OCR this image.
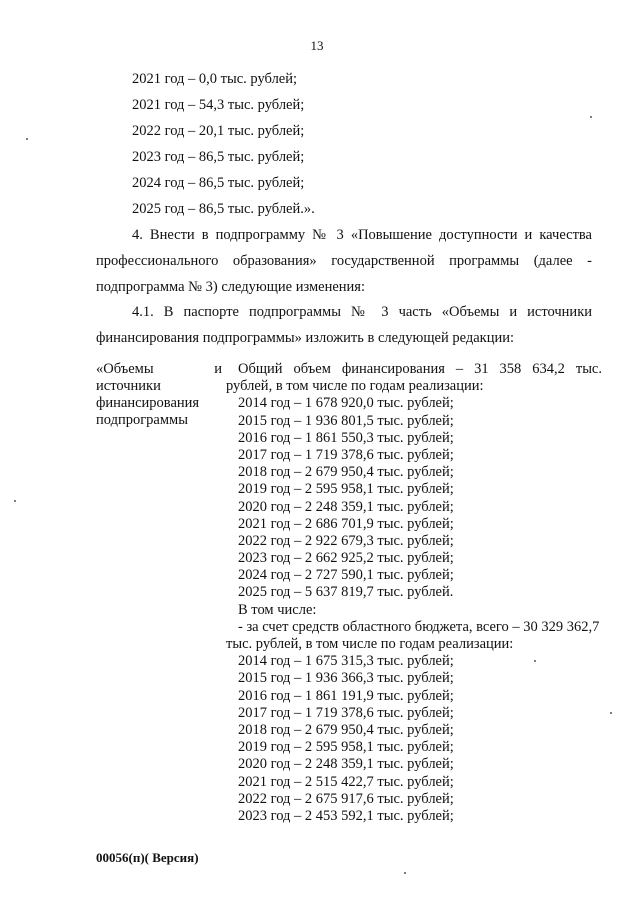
13
2021 год – 0,0 тыс. рублей;
2021 год – 54,3 тыс. рублей;
2022 год – 20,1 тыс. рублей;
2023 год – 86,5 тыс. рублей;
2024 год – 86,5 тыс. рублей;
2025 год – 86,5 тыс. рублей.».
4. Внести в подпрограмму № 3 «Повышение доступности и качества
профессионального образования» государственной программы (далее -
подпрограмма № 3) следующие изменения:
4.1. В паспорте подпрограммы № 3 часть «Объемы и источники
финансирования подпрограммы» изложить в следующей редакции:
«Объемы	и
источники
финансирования
подпрограммы
Общий объем финансирования – 31 358 634,2 тыс.
рублей, в том числе по годам реализации:
2014 год – 1 678 920,0 тыс. рублей;
2015 год – 1 936 801,5 тыс. рублей;
2016 год – 1 861 550,3 тыс. рублей;
2017 год – 1 719 378,6 тыс. рублей;
2018 год – 2 679 950,4 тыс. рублей;
2019 год – 2 595 958,1 тыс. рублей;
2020 год – 2 248 359,1 тыс. рублей;
2021 год – 2 686 701,9 тыс. рублей;
2022 год – 2 922 679,3 тыс. рублей;
2023 год – 2 662 925,2 тыс. рублей;
2024 год – 2 727 590,1 тыс. рублей;
2025 год – 5 637 819,7 тыс. рублей.
В том числе:
- за счет средств областного бюджета, всего – 30 329 362,7
тыс. рублей, в том числе по годам реализации:
2014 год – 1 675 315,3 тыс. рублей;
2015 год – 1 936 366,3 тыс. рублей;
2016 год – 1 861 191,9 тыс. рублей;
2017 год – 1 719 378,6 тыс. рублей;
2018 год – 2 679 950,4 тыс. рублей;
2019 год – 2 595 958,1 тыс. рублей;
2020 год – 2 248 359,1 тыс. рублей;
2021 год – 2 515 422,7 тыс. рублей;
2022 год – 2 675 917,6 тыс. рублей;
2023 год – 2 453 592,1 тыс. рублей;
00056(п)( Версия)
